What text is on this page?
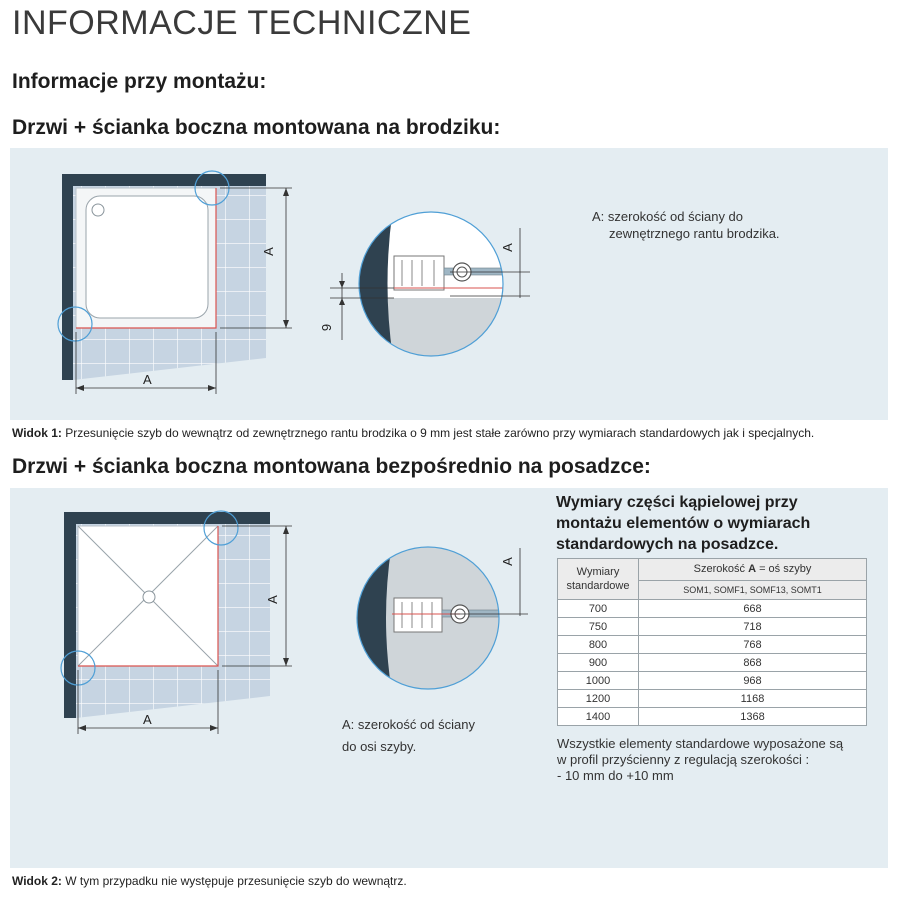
INFORMACJE TECHNICZNE
Informacje przy montażu:
Drzwi + ścianka boczna montowana na brodziku:
A
A
A
9
A: szerokość od ściany do
zewnętrznego rantu brodzika.
Widok 1: Przesunięcie szyb do wewnątrz od zewnętrznego rantu brodzika o 9 mm jest stałe zarówno przy wymiarach standardowych jak i specjalnych.
Drzwi + ścianka boczna montowana bezpośrednio na posadzce:
A
A
A
A: szerokość od ściany
do osi szyby.
Wymiary części kąpielowej przy
montażu elementów o wymiarach
standardowych na posadzce.
Wymiary
standardowe	Szerokość A = oś szyby
	SOM1, SOMF1, SOMF13, SOMT1
700	668
750	718
800	768
900	868
1000	968
1200	1168
1400	1368
Wszystkie elementy standardowe wyposażone są
w profil przyścienny z regulacją szerokości :
- 10 mm do +10 mm
Widok 2: W tym przypadku nie występuje przesunięcie szyb do wewnątrz.
